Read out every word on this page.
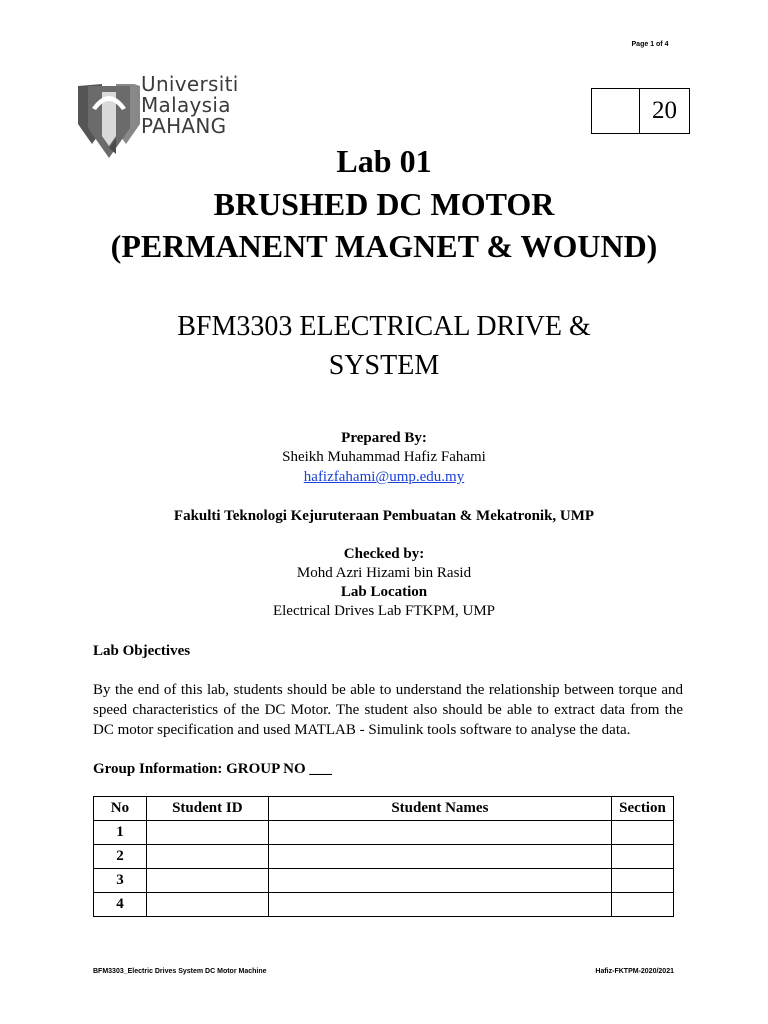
Page 1 of 4
Universiti
Malaysia
PAHANG
20
Lab 01
BRUSHED DC MOTOR
(PERMANENT MAGNET & WOUND)
BFM3303 ELECTRICAL DRIVE &
SYSTEM
Prepared By:
Sheikh Muhammad Hafiz Fahami
hafizfahami@ump.edu.my
Fakulti Teknologi Kejuruteraan Pembuatan & Mekatronik, UMP
Checked by:
Mohd Azri Hizami bin Rasid
Lab Location
Electrical Drives Lab FTKPM, UMP
Lab Objectives
By the end of this lab, students should be able to understand the relationship between torque and speed characteristics of the DC Motor. The student also should be able to extract data from the DC motor specification and used MATLAB - Simulink tools software to analyse the data.
Group Information: GROUP NO ___
No	Student ID	Student Names	Section
1			
2			
3			
4			
BFM3303_Electric Drives System DC Motor Machine	Hafiz-FKTPM-2020/2021
